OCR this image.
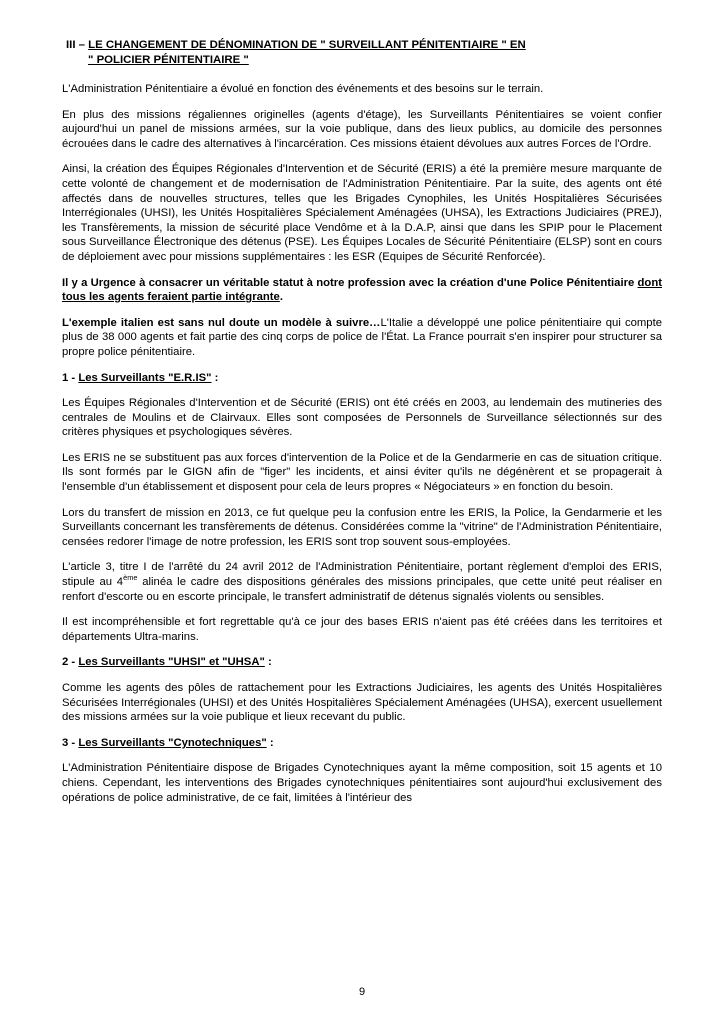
III – LE CHANGEMENT DE DÉNOMINATION DE " SURVEILLANT PÉNITENTIAIRE " EN
" POLICIER PÉNITENTIAIRE "

L'Administration Pénitentiaire a évolué en fonction des événements et des besoins sur le terrain.

En plus des missions régaliennes originelles (agents d'étage), les Surveillants Pénitentiaires se voient confier aujourd'hui un panel de missions armées, sur la voie publique, dans des lieux publics, au domicile des personnes écrouées dans le cadre des alternatives à l'incarcération. Ces missions étaient dévolues aux autres Forces de l'Ordre.

Ainsi, la création des Équipes Régionales d'Intervention et de Sécurité (ERIS) a été la première mesure marquante de cette volonté de changement et de modernisation de l'Administration Pénitentiaire. Par la suite, des agents ont été affectés dans de nouvelles structures, telles que les Brigades Cynophiles, les Unités Hospitalières Sécurisées Interrégionales (UHSI), les Unités Hospitalières Spécialement Aménagées (UHSA), les Extractions Judiciaires (PREJ), les Transfèrements, la mission de sécurité place Vendôme et à la D.A.P, ainsi que dans les SPIP pour le Placement sous Surveillance Électronique des détenus (PSE). Les Équipes Locales de Sécurité Pénitentiaire (ELSP) sont en cours de déploiement avec pour missions supplémentaires : les ESR (Equipes de Sécurité Renforcée).

Il y a Urgence à consacrer un véritable statut à notre profession avec la création d'une Police Pénitentiaire dont tous les agents feraient partie intégrante.

L'exemple italien est sans nul doute un modèle à suivre…L'Italie a développé une police pénitentiaire qui compte plus de 38 000 agents et fait partie des cinq corps de police de l'État. La France pourrait s'en inspirer pour structurer sa propre police pénitentiaire.

1 - Les Surveillants "E.R.IS" :

Les Équipes Régionales d'Intervention et de Sécurité (ERIS) ont été créés en 2003, au lendemain des mutineries des centrales de Moulins et de Clairvaux. Elles sont composées de Personnels de Surveillance sélectionnés sur des critères physiques et psychologiques sévères.

Les ERIS ne se substituent pas aux forces d'intervention de la Police et de la Gendarmerie en cas de situation critique. Ils sont formés par le GIGN afin de "figer" les incidents, et ainsi éviter qu'ils ne dégénèrent et se propagerait à l'ensemble d'un établissement et disposent pour cela de leurs propres « Négociateurs » en fonction du besoin.

Lors du transfert de mission en 2013, ce fut quelque peu la confusion entre les ERIS, la Police, la Gendarmerie et les Surveillants concernant les transfèrements de détenus. Considérées comme la "vitrine" de l'Administration Pénitentiaire, censées redorer l'image de notre profession, les ERIS sont trop souvent sous-employées.

L'article 3, titre I de l'arrêté du 24 avril 2012 de l'Administration Pénitentiaire, portant règlement d'emploi des ERIS, stipule au 4ème alinéa le cadre des dispositions générales des missions principales, que cette unité peut réaliser en renfort d'escorte ou en escorte principale, le transfert administratif de détenus signalés violents ou sensibles.

Il est incompréhensible et fort regrettable qu'à ce jour des bases ERIS n'aient pas été créées dans les territoires et départements Ultra-marins.

2 - Les Surveillants "UHSI" et "UHSA" :

Comme les agents des pôles de rattachement pour les Extractions Judiciaires, les agents des Unités Hospitalières Sécurisées Interrégionales (UHSI) et des Unités Hospitalières Spécialement Aménagées (UHSA), exercent usuellement des missions armées sur la voie publique et lieux recevant du public.

3 - Les Surveillants "Cynotechniques" :

L'Administration Pénitentiaire dispose de Brigades Cynotechniques ayant la même composition, soit 15 agents et 10 chiens. Cependant, les interventions des Brigades cynotechniques pénitentiaires sont aujourd'hui exclusivement des opérations de police administrative, de ce fait, limitées à l'intérieur des

9
